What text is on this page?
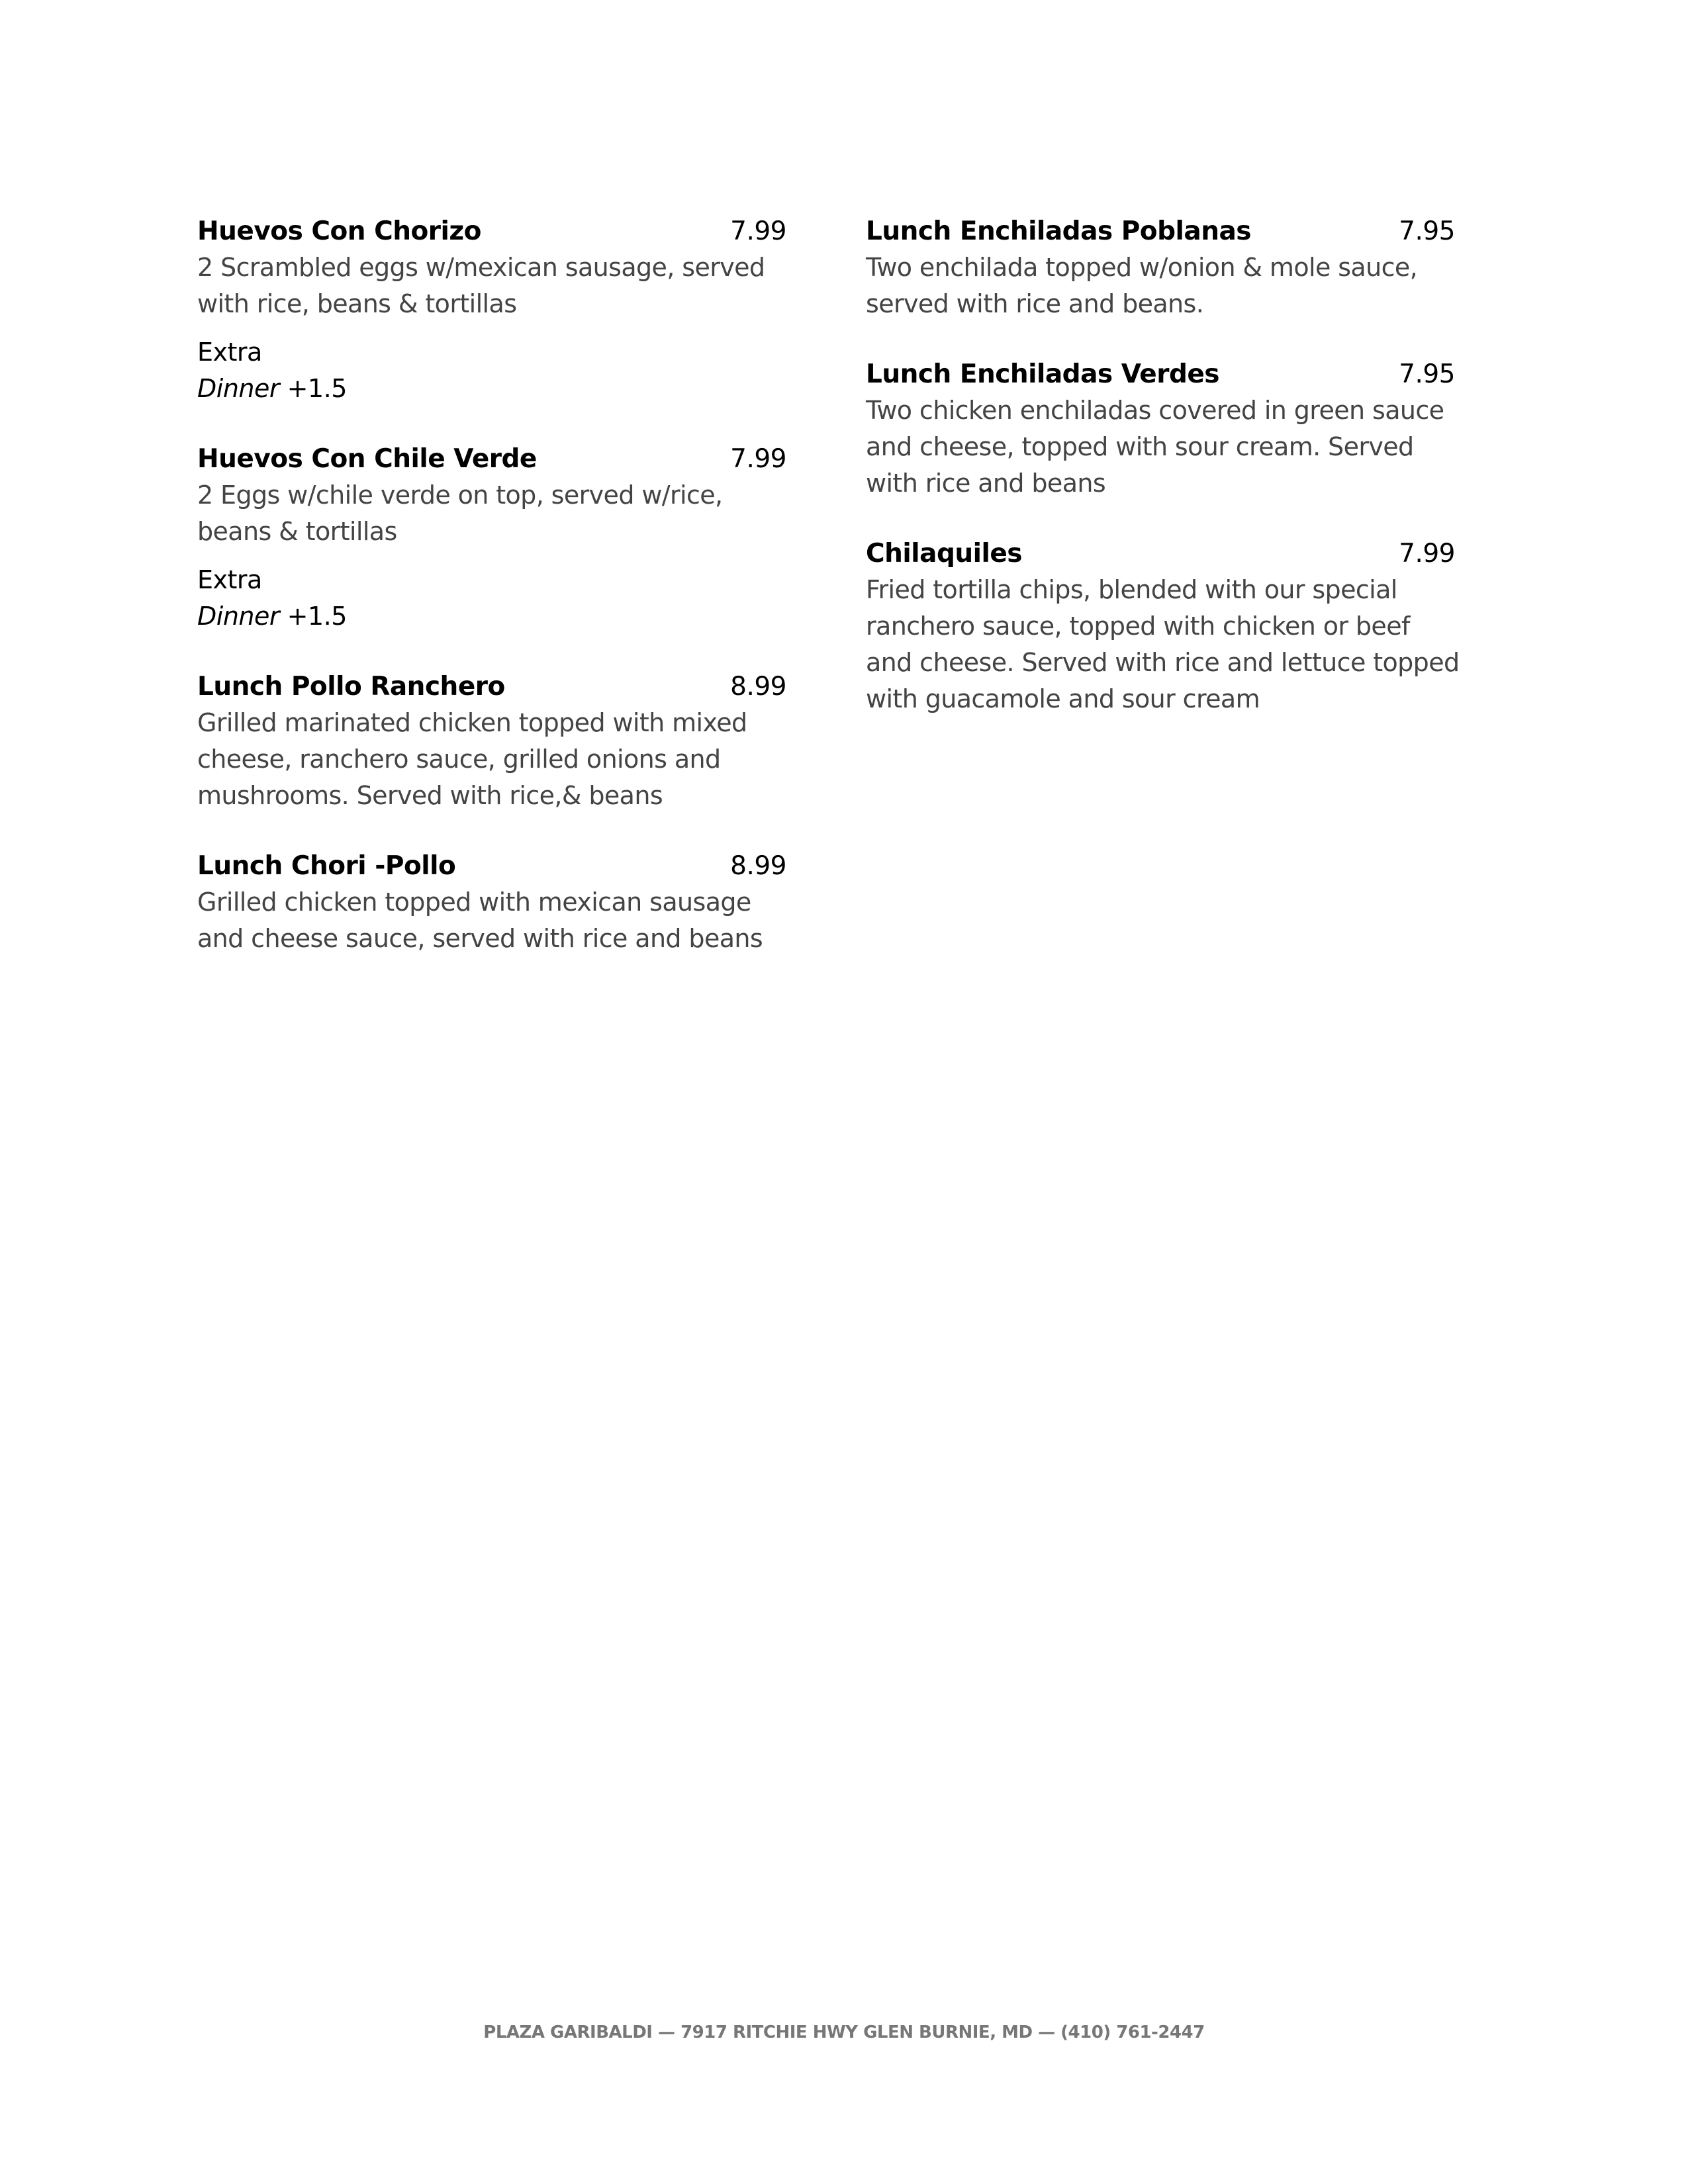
Huevos Con Chorizo	7.99
2 Scrambled eggs w/mexican sausage, served
with rice, beans & tortillas
Extra
Dinner +1.5
Huevos Con Chile Verde	7.99
2 Eggs w/chile verde on top, served w/rice,
beans & tortillas
Extra
Dinner +1.5
Lunch Pollo Ranchero	8.99
Grilled marinated chicken topped with mixed
cheese, ranchero sauce, grilled onions and
mushrooms. Served with rice,& beans
Lunch Chori -Pollo	8.99
Grilled chicken topped with mexican sausage
and cheese sauce, served with rice and beans
Lunch Enchiladas Poblanas	7.95
Two enchilada topped w/onion & mole sauce,
served with rice and beans.
Lunch Enchiladas Verdes	7.95
Two chicken enchiladas covered in green sauce
and cheese, topped with sour cream. Served
with rice and beans
Chilaquiles	7.99
Fried tortilla chips, blended with our special
ranchero sauce, topped with chicken or beef
and cheese. Served with rice and lettuce topped
with guacamole and sour cream
PLAZA GARIBALDI — 7917 RITCHIE HWY GLEN BURNIE, MD — (410) 761-2447
